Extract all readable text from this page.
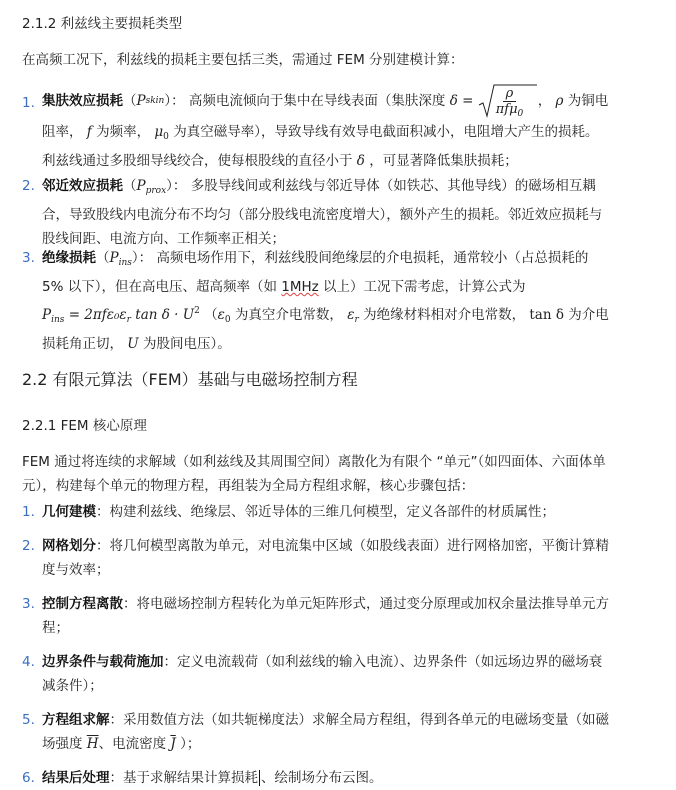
2.1.2 利兹线主要损耗类型

在高频工况下，利兹线的损耗主要包括三类，需通过 FEM 分别建模计算：

1. 集肤效应损耗 （ P skin ）：
高频电流倾向于集中在导线表面（集肤深度
δ
=
ρ
πfμ$_0$
，
ρ
为铜电
阻率， f 为频率， $\mu_0$ 为真空磁导率），导致导线有效导电截面积减小，电阻增大产生的损耗。
利兹线通过多股细导线绞合，使每根股线的直径小于 δ ，可显著降低集肤损耗；
2. 邻近效应损耗$(P_{prox})$： 多股导线间或利兹线与邻近导体（如铁芯、其他导线）的磁场相互耦
合，导致股线内电流分布不均匀（部分股线电流密度增大），额外产生的损耗。邻近效应损耗与
股线间距、电流方向、工作频率正相关；
3. 绝缘损耗$(P_{ins})$： 高频电场作用下，利兹线股间绝缘层的介电损耗，通常较小（占总损耗的
5% 以下），但在高电压、超高频率（如 1MHz 以上）工况下需考虑，计算公式为
$P_{ins} = 2\pi f\varepsilon_0\varepsilon_r$ $\tan \delta \cdot U^2$ （$\varepsilon_0$ 为真空介电常数， $\varepsilon_r$ 为绝缘材料相对介电常数， tan δ 为介电
损耗角正切， U 为股间电压）。
2.2 有限元算法（FEM）基础与电磁场控制方程
2.2.1 FEM 核心原理

FEM 通过将连续的求解域（如利兹线及其周围空间）离散化为有限个 “单元”（如四面体、六面体单

元），构建每个单元的物理方程，再组装为全局方程组求解，核心步骤包括：

1. 几何建模：构建利兹线、绝缘层、邻近导体的三维几何模型，定义各部件的材质属性；
2. 网格划分：将几何模型离散为单元，对电流集中区域（如股线表面）进行网格加密，平衡计算精
度与效率；
3. 控制方程离散：将电磁场控制方程转化为单元矩阵形式，通过变分原理或加权余量法推导单元方
程；
4. 边界条件与载荷施加：定义电流载荷（如利兹线的输入电流）、边界条件（如远场边界的磁场衰
减条件）；
5. 方程组求解：采用数值方法（如共轭梯度法）求解全局方程组，得到各单元的电磁场变量（如磁
场强度 $\overline{H}$、电流密度 $\overline{J}$ ）；
6. 结果后处理：基于求解结果计算损耗 、绘制场分布云图。
